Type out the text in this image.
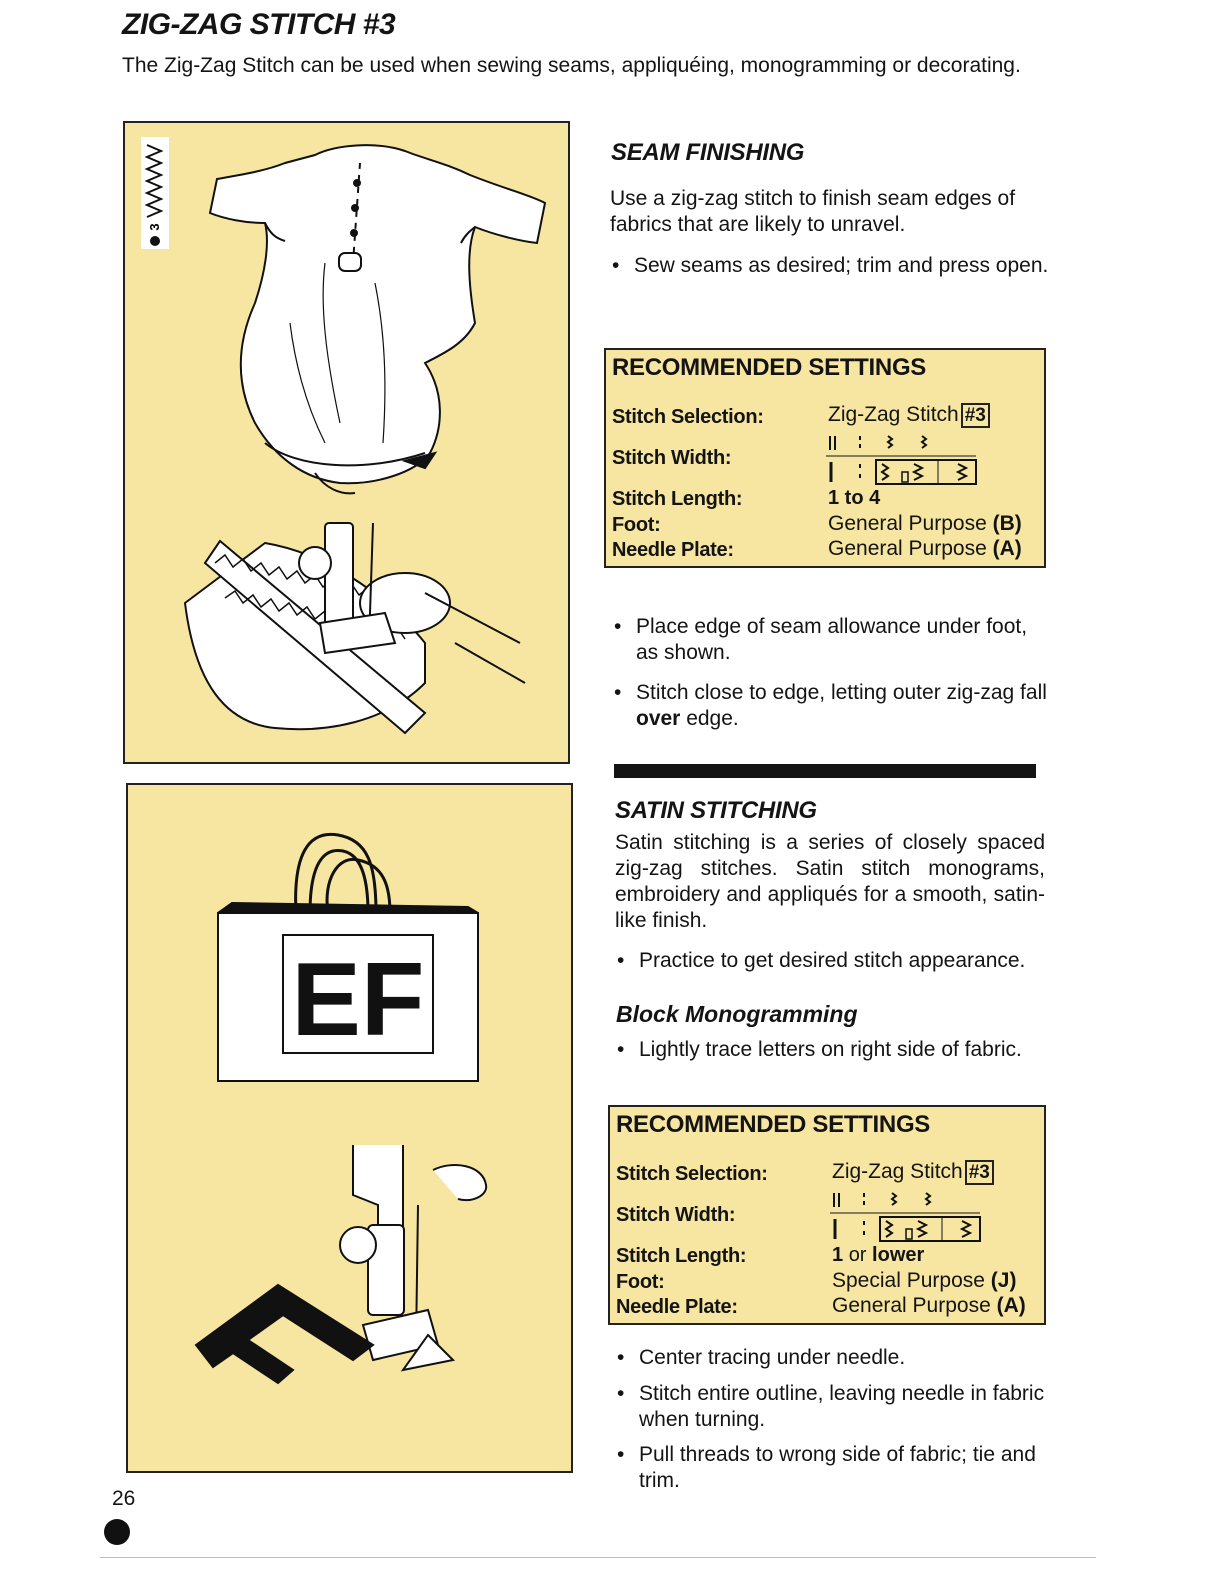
ZIG-ZAG STITCH #3
The Zig-Zag Stitch can be used when sewing seams, appliquéing, monogramming or decorating.
3
EF
SEAM FINISHING
Use a zig-zag stitch to finish seam edges of fabrics that are likely to unravel.
• Sew seams as desired; trim and press open.
RECOMMENDED SETTINGS
Stitch Selection:	Zig-Zag Stitch #3
Stitch Width:
Stitch Length:	1 to 4
Foot:	General Purpose (B)
Needle Plate:	General Purpose (A)
• Place edge of seam allowance under foot, as shown.
• Stitch close to edge, letting outer zig-zag fall over edge.
SATIN STITCHING
Satin stitching is a series of closely spaced zig-zag stitches. Satin stitch monograms, embroidery and appliqués for a smooth, satin-like finish.
• Practice to get desired stitch appearance.
Block Monogramming
• Lightly trace letters on right side of fabric.
RECOMMENDED SETTINGS
Stitch Selection:	Zig-Zag Stitch #3
Stitch Width:
Stitch Length:	1 or lower
Foot:	Special Purpose (J)
Needle Plate:	General Purpose (A)
• Center tracing under needle.
• Stitch entire outline, leaving needle in fabric when turning.
• Pull threads to wrong side of fabric; tie and trim.
26
